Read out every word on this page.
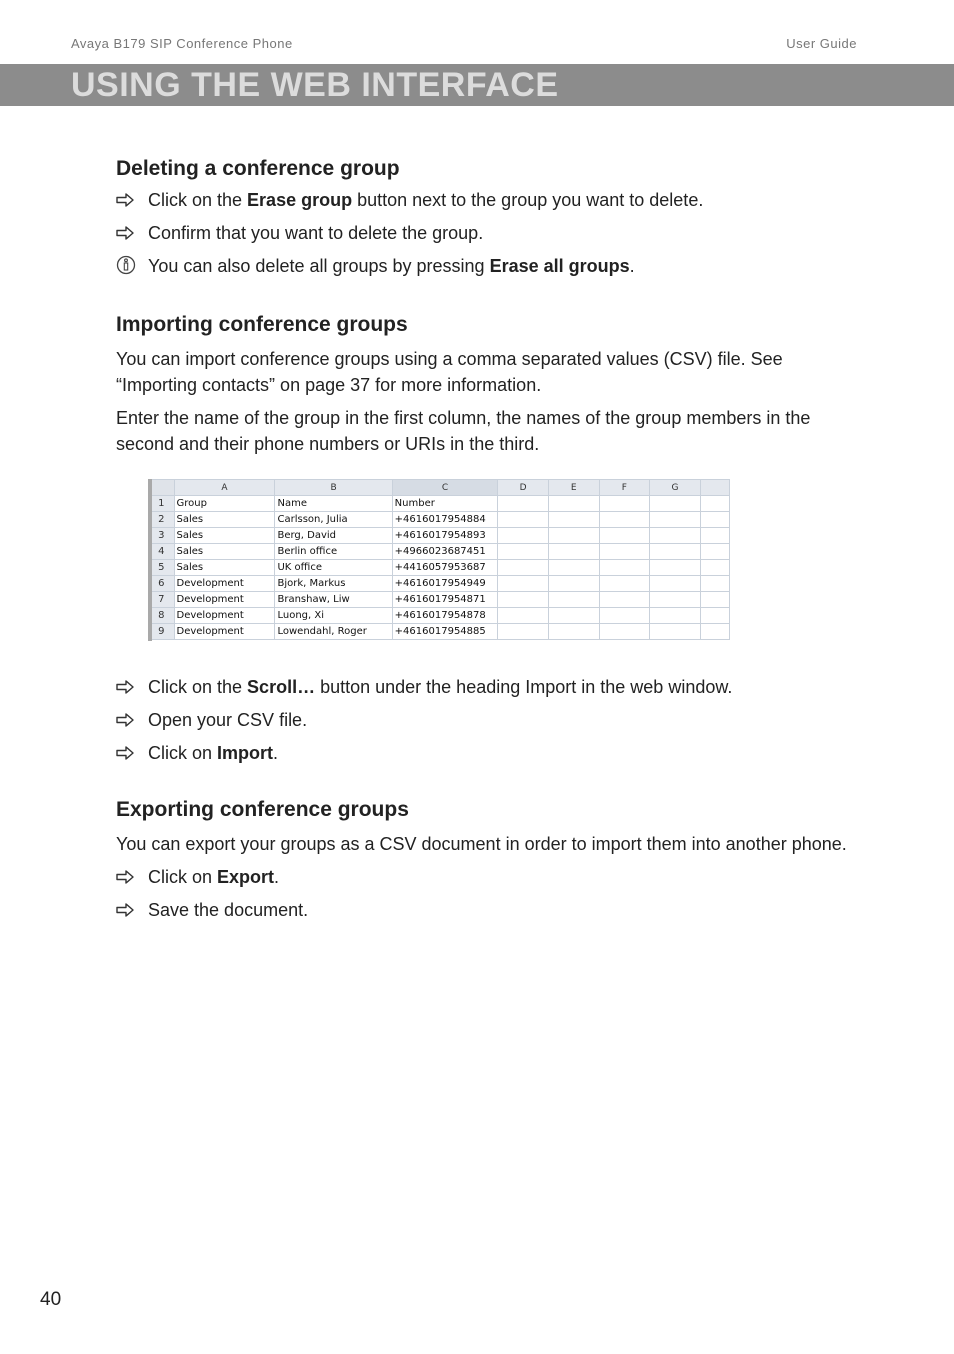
Avaya B179 SIP Conference Phone	User Guide
USING THE WEB INTERFACE
Deleting a conference group
Click on the Erase group button next to the group you want to delete.
Confirm that you want to delete the group.
You can also delete all groups by pressing Erase all groups.
Importing conference groups

You can import conference groups using a comma separated values (CSV) file. See “Importing contacts” on page 37 for more information.

Enter the name of the group in the first column, the names of the group members in the second and their phone numbers or URIs in the third.

	A	B	C	D	E	F	G	
1	Group	Name	Number					
2	Sales	Carlsson, Julia	+4616017954884					
3	Sales	Berg, David	+4616017954893					
4	Sales	Berlin office	+4966023687451					
5	Sales	UK office	+4416057953687					
6	Development	Bjork, Markus	+4616017954949					
7	Development	Branshaw, Liw	+4616017954871					
8	Development	Luong, Xi	+4616017954878					
9	Development	Lowendahl, Roger	+4616017954885					
Click on the Scroll… button under the heading Import in the web window.
Open your CSV file.
Click on Import.
Exporting conference groups

You can export your groups as a CSV document in order to import them into another phone.

Click on Export.
Save the document.
40
